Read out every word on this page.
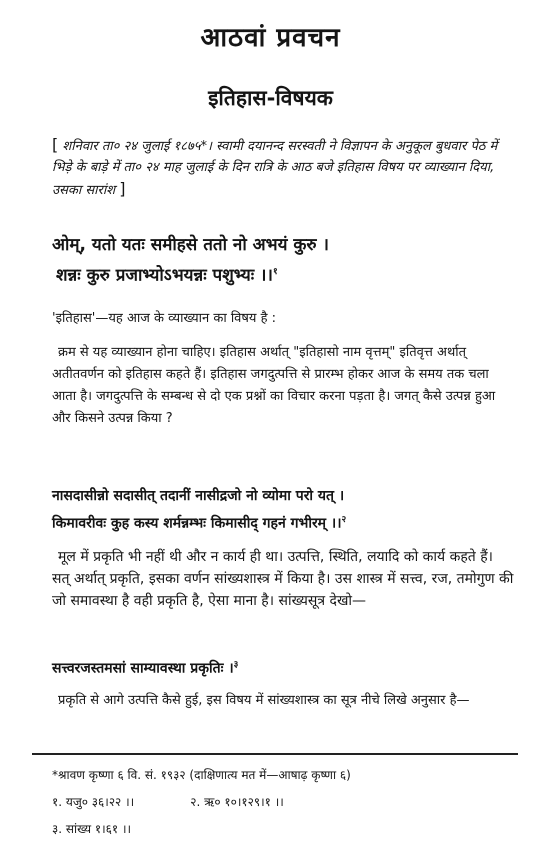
आठवां प्रवचन
इतिहास-विषयक
[ शनिवार ता० २४ जुलाई १८७५*। स्वामी दयानन्द सरस्वती ने विज्ञापन के अनुकूल बुधवार पेठ में भिड़े के बाड़े में ता० २४ माह जुलाई के दिन रात्रि के आठ बजे इतिहास विषय पर व्याख्यान दिया, उसका सारांश ]
ओम्, यतो यतः समीहसे ततो नो अभयं कुरु ।
शन्नः कुरु प्रजाभ्योऽभयन्नः पशुभ्यः ।।$^१$
'इतिहास'—यह आज के व्याख्यान का विषय है :
क्रम से यह व्याख्यान होना चाहिए। इतिहास अर्थात् "इतिहासो नाम वृत्तम्" इतिवृत्त अर्थात् अतीतवर्णन को इतिहास कहते हैं। इतिहास जगदुत्पत्ति से प्रारम्भ होकर आज के समय तक चला आता है। जगदुत्पत्ति के सम्बन्ध से दो एक प्रश्नों का विचार करना पड़ता है। जगत् कैसे उत्पन्न हुआ और किसने उत्पन्न किया ?
नासदासीन्नो सदासीत् तदानीं नासीद्रजो नो व्योमा परो यत् ।
किमावरीवः कुह कस्य शर्मन्नम्भः किमासीद् गहनं गभीरम् ।।$^२$
मूल में प्रकृति भी नहीं थी और न कार्य ही था। उत्पत्ति, स्थिति, लयादि को कार्य कहते हैं। सत् अर्थात् प्रकृति, इसका वर्णन सांख्यशास्त्र में किया है। उस शास्त्र में सत्त्व, रज, तमोगुण की जो समावस्था है वही प्रकृति है, ऐसा माना है। सांख्यसूत्र देखो—
सत्त्वरजस्तमसां साम्यावस्था प्रकृतिः ।$^३$
प्रकृति से आगे उत्पत्ति कैसे हुई, इस विषय में सांख्यशास्त्र का सूत्र नीचे लिखे अनुसार है—
*श्रावण कृष्णा ६ वि. सं. १९३२ (दाक्षिणात्य मत में—आषाढ़ कृष्णा ६)
१. यजु० ३६।२२ ।।	२. ऋ० १०।१२९।१ ।।
३. सांख्य १।६१ ।।
